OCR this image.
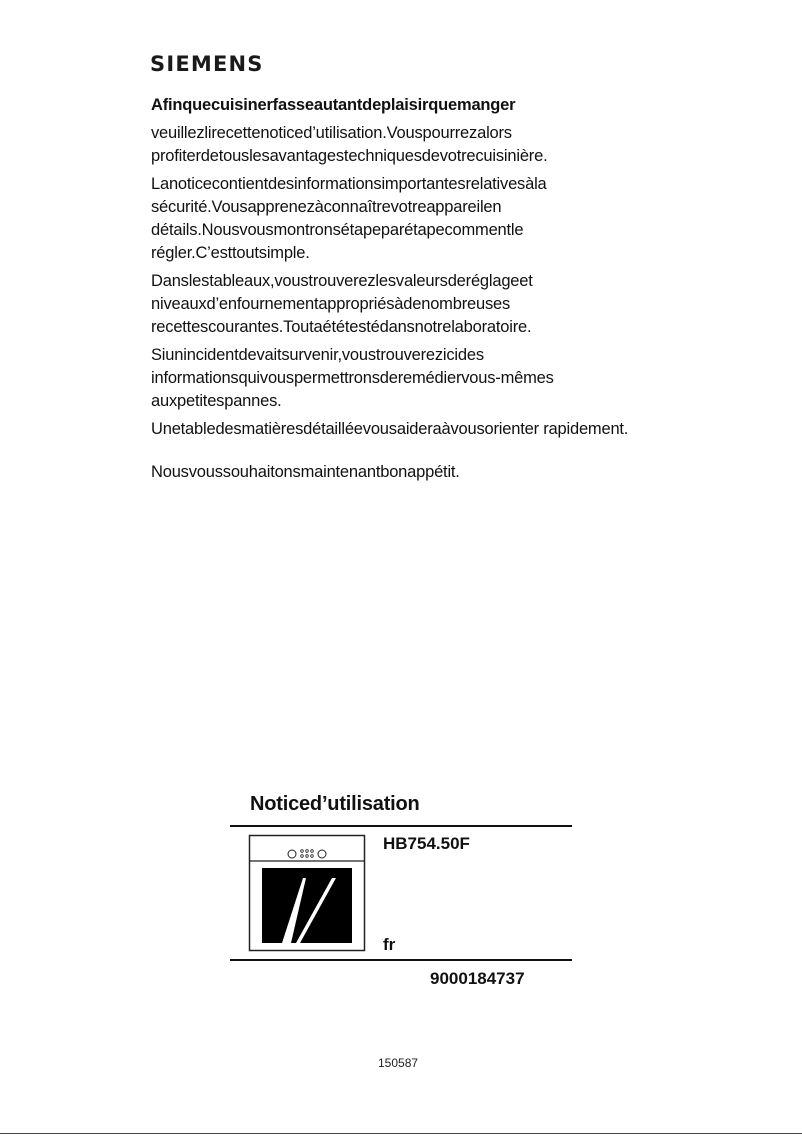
SIEMENS
Afinquecuisinerfasseautantdeplaisirquemanger
veuillezlirecettenoticed’utilisation.Vouspourrezalors profiterdetouslesavantagestechniquesdevotrecuisinière.
Lanoticecontientdesinformationsimportantesrelativesàla sécurité.Vousapprenezàconnaîtrevotreappareilen détails.Nousvousmontronsétapeparétapecommentle régler.C’esttoutsimple.
Danslestableaux,voustrouverezlesvaleursderéglageet niveauxd’enfournementappropriésàdenombreuses recettescourantes.Toutaététestédansnotrelaboratoire.
Siunincidentdevaitsurvenir,voustrouverezicides informationsquivouspermettronsderemédiervous-mêmes auxpetitespannes.
Unetabledesmatièresdétailléevousaideraàvousorienter rapidement.
Nousvoussouhaitonsmaintenantbonappétit.
Noticed’utilisation
HB754.50F
fr
9000184737
150587
